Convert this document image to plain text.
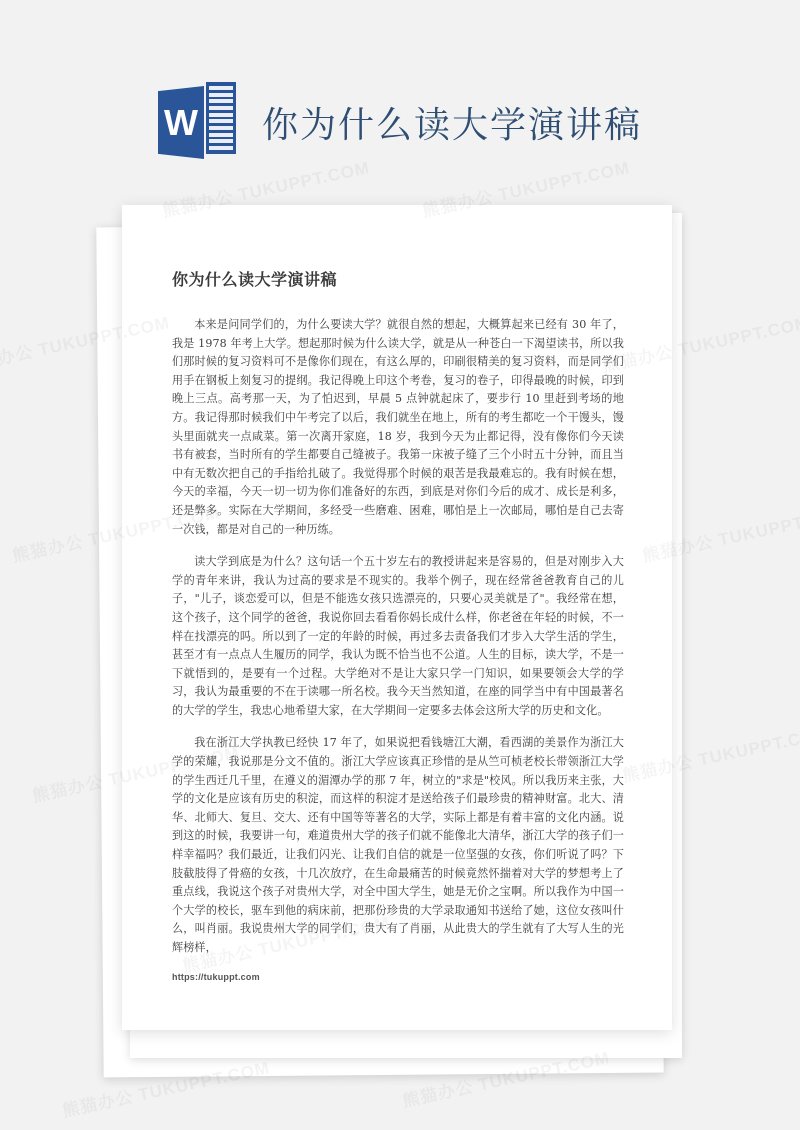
你为什么读大学演讲稿

本来是问同学们的，为什么要读大学？就很自然的想起，大概算起来已经有 30 年了，我是 1978 年考上大学。想起那时候为什么读大学，就是从一种苍白一下渴望读书，所以我们那时候的复习资料可不是像你们现在，有这么厚的，印刷很精美的复习资料，而是同学们用手在钢板上刻复习的提纲。我记得晚上印这个考卷，复习的卷子，印得最晚的时候，印到晚上三点。高考那一天，为了怕迟到，早晨 5 点钟就起床了，要步行 10 里赶到考场的地方。我记得那时候我们中午考完了以后，我们就坐在地上，所有的考生都吃一个干馒头，馒头里面就夹一点咸菜。第一次离开家庭，18 岁，我到今天为止都记得，没有像你们今天读书有被套，当时所有的学生都要自己缝被子。我第一床被子缝了三个小时五十分钟，而且当中有无数次把自己的手指给扎破了。我觉得那个时候的艰苦是我最难忘的。我有时候在想，今天的幸福，今天一切一切为你们准备好的东西，到底是对你们今后的成才、成长是利多，还是弊多。实际在大学期间，多经受一些磨难、困难，哪怕是上一次邮局，哪怕是自己去寄一次钱，都是对自己的一种历练。

读大学到底是为什么？这句话一个五十岁左右的教授讲起来是容易的，但是对刚步入大学的青年来讲，我认为过高的要求是不现实的。我举个例子，现在经常爸爸教育自己的儿子，"儿子，谈恋爱可以，但是不能选女孩只选漂亮的，只要心灵美就是了"。我经常在想，这个孩子，这个同学的爸爸，我说你回去看看你妈长成什么样，你老爸在年轻的时候，不一样在找漂亮的吗。所以到了一定的年龄的时候，再过多去责备我们才步入大学生活的学生，甚至才有一点点人生履历的同学，我认为既不恰当也不公道。人生的目标，读大学，不是一下就悟到的，是要有一个过程。大学绝对不是让大家只学一门知识，如果要领会大学的学习，我认为最重要的不在于读哪一所名校。我今天当然知道，在座的同学当中有中国最著名的大学的学生，我忠心地希望大家，在大学期间一定要多去体会这所大学的历史和文化。

我在浙江大学执教已经快 17 年了，如果说把看钱塘江大潮，看西湖的美景作为浙江大学的荣耀，我说那是分文不值的。浙江大学应该真正珍惜的是从竺可桢老校长带领浙江大学的学生西迁几千里，在遵义的湄潭办学的那 7 年，树立的"求是"校风。所以我历来主张，大学的文化是应该有历史的积淀，而这样的积淀才是送给孩子们最珍贵的精神财富。北大、清华、北师大、复旦、交大、还有中国等等著名的大学，实际上都是有着丰富的文化内涵。说到这的时候，我要讲一句，难道贵州大学的孩子们就不能像北大清华，浙江大学的孩子们一样幸福吗？我们最近，让我们闪光、让我们自信的就是一位坚强的女孩，你们听说了吗？下肢截肢得了骨癌的女孩，十几次放疗，在生命最痛苦的时候竟然怀揣着对大学的梦想考上了重点线，我说这个孩子对贵州大学，对全中国大学生，她是无价之宝啊。所以我作为中国一个大学的校长，驱车到他的病床前，把那份珍贵的大学录取通知书送给了她，这位女孩叫什么，叫肖丽。我说贵州大学的同学们，贵大有了肖丽，从此贵大的学生就有了大写人生的光辉榜样，

https://tukuppt.com
W 你为什么读大学演讲稿
